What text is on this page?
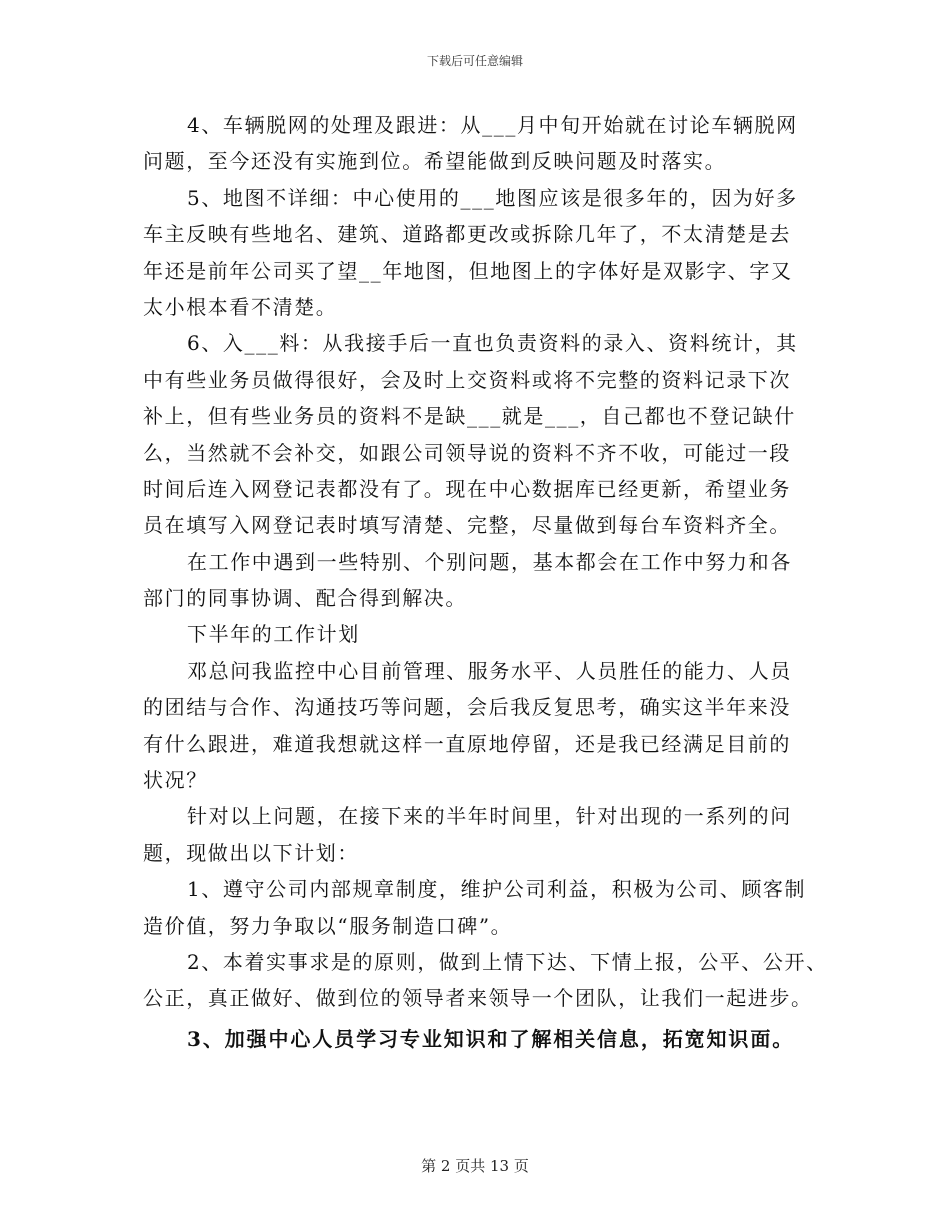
下载后可任意编辑
4、车辆脱网的处理及跟进：从___月中旬开始就在讨论车辆脱网
问题，至今还没有实施到位。希望能做到反映问题及时落实。
5、地图不详细：中心使用的___地图应该是很多年的，因为好多
车主反映有些地名、建筑、道路都更改或拆除几年了，不太清楚是去
年还是前年公司买了望__年地图，但地图上的字体好是双影字、字又
太小根本看不清楚。
6、入___料：从我接手后一直也负责资料的录入、资料统计，其
中有些业务员做得很好，会及时上交资料或将不完整的资料记录下次
补上，但有些业务员的资料不是缺___就是___，自己都也不登记缺什
么，当然就不会补交，如跟公司领导说的资料不齐不收，可能过一段
时间后连入网登记表都没有了。现在中心数据库已经更新，希望业务
员在填写入网登记表时填写清楚、完整，尽量做到每台车资料齐全。
在工作中遇到一些特别、个别问题，基本都会在工作中努力和各
部门的同事协调、配合得到解决。
下半年的工作计划
邓总问我监控中心目前管理、服务水平、人员胜任的能力、人员
的团结与合作、沟通技巧等问题，会后我反复思考，确实这半年来没
有什么跟进，难道我想就这样一直原地停留，还是我已经满足目前的
状况？
针对以上问题，在接下来的半年时间里，针对出现的一系列的问
题，现做出以下计划：
1、遵守公司内部规章制度，维护公司利益，积极为公司、顾客制
造价值，努力争取以“服务制造口碑”。
2、本着实事求是的原则，做到上情下达、下情上报，公平、公开、
公正，真正做好、做到位的领导者来领导一个团队，让我们一起进步。
3、加强中心人员学习专业知识和了解相关信息，拓宽知识面。
第 2 页共 13 页
